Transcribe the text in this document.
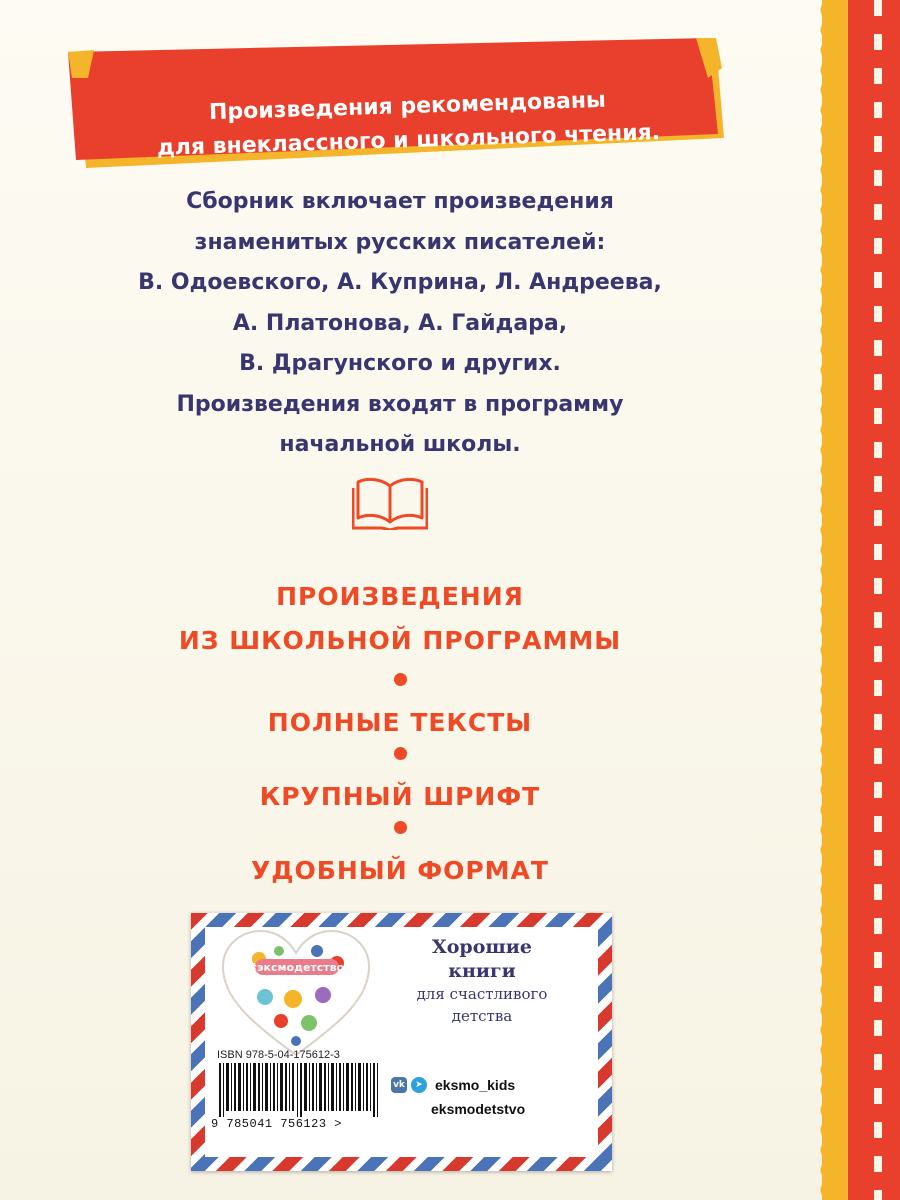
Произведения рекомендованы
для внеклассного и школьного чтения.
Сборник включает произведения
знаменитых русских писателей:
В. Одоевского, А. Куприна, Л. Андреева,
А. Платонова, А. Гайдара,
В. Драгунского и других.
Произведения входят в программу
начальной школы.
ПРОИЗВЕДЕНИЯ
ИЗ ШКОЛЬНОЙ ПРОГРАММЫ
ПОЛНЫЕ ТЕКСТЫ
КРУПНЫЙ ШРИФТ
УДОБНЫЙ ФОРМАТ
#эксмодетство
Хорошие
книги
для счастливого
детства
ISBN 978-5-04-175612-3
9 785041 756123 >
vk	➤ eksmo_kids
eksmodetstvo
